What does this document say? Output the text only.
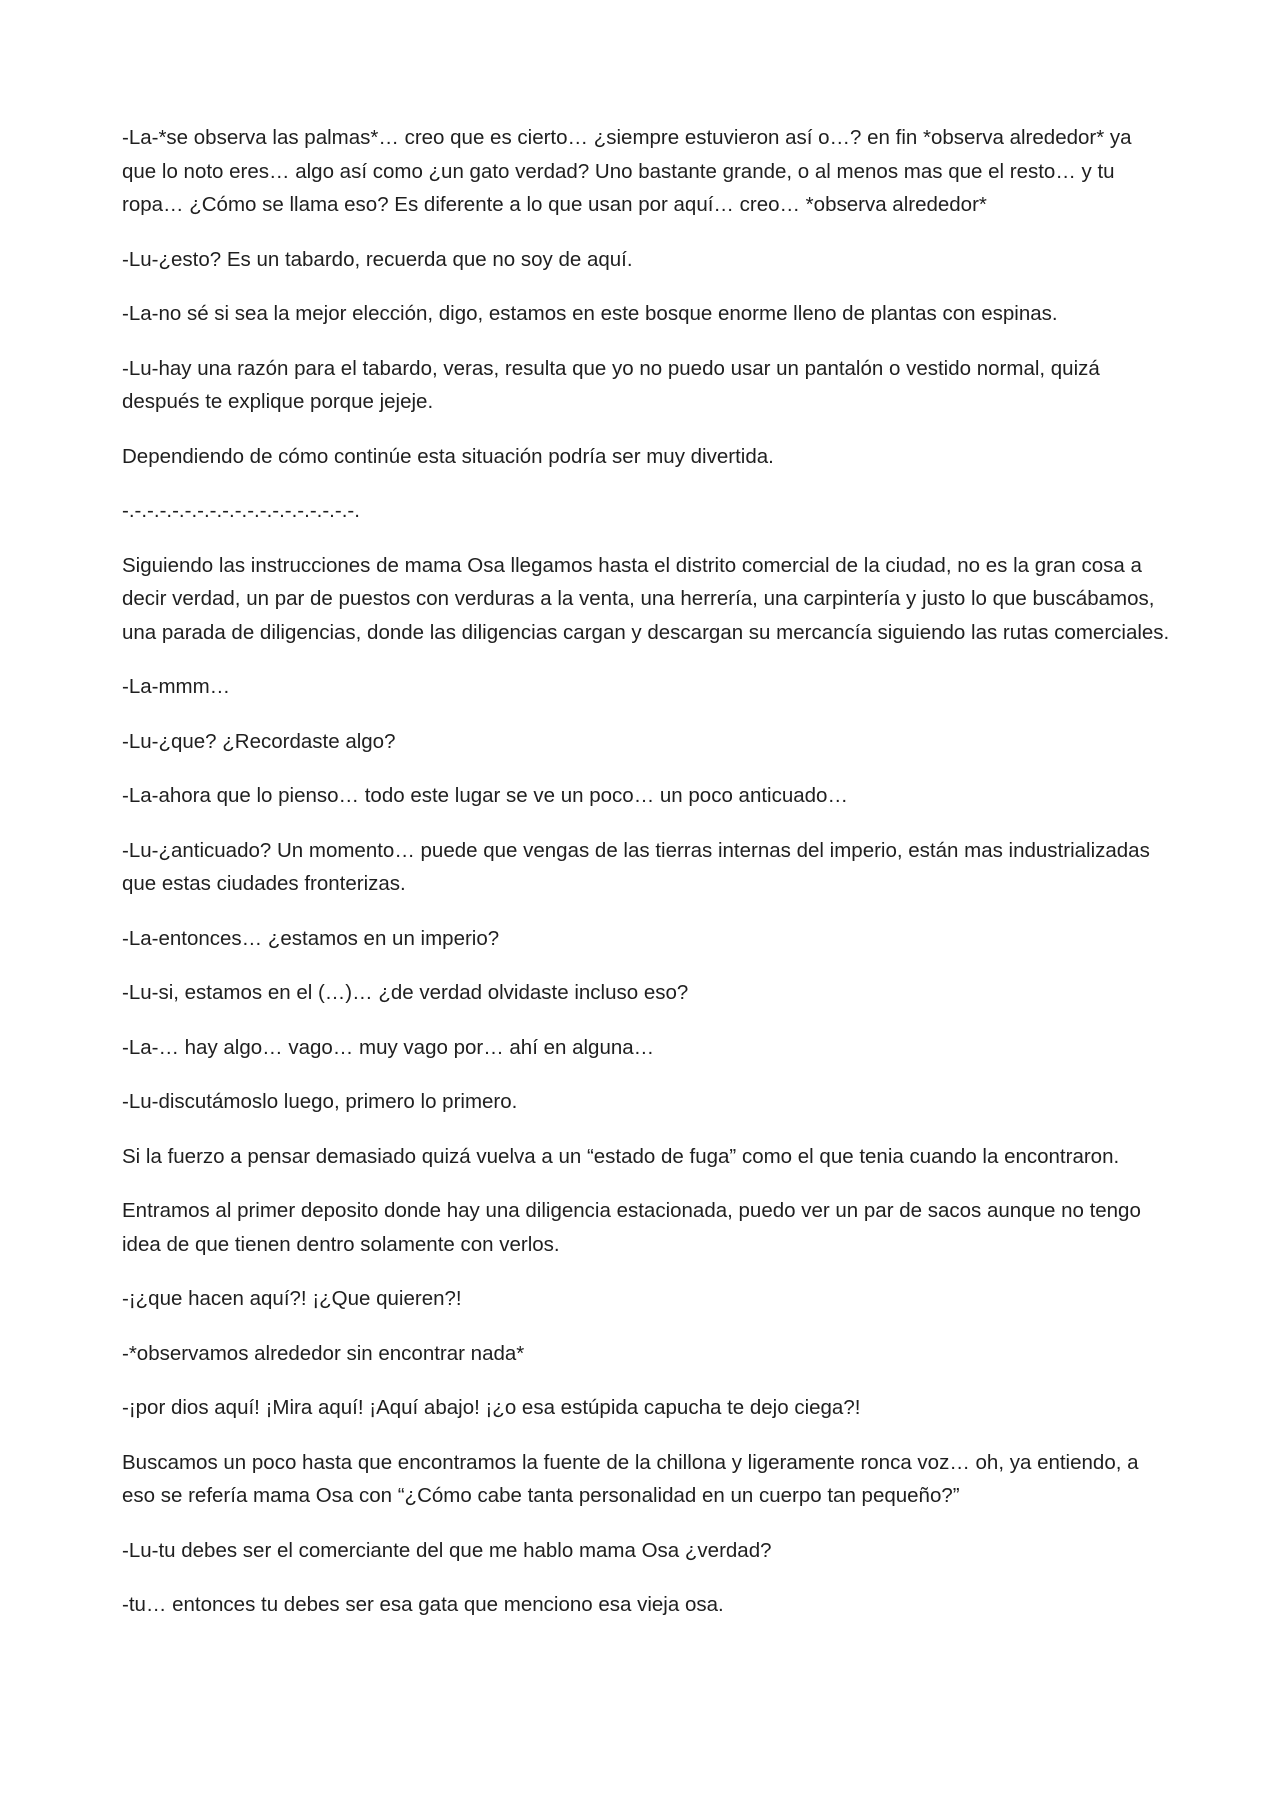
-La-*se observa las palmas*… creo que es cierto… ¿siempre estuvieron así o…? en fin *observa alrededor* ya que lo noto eres… algo así como ¿un gato verdad? Uno bastante grande, o al menos mas que el resto… y tu ropa… ¿Cómo se llama eso? Es diferente a lo que usan por aquí… creo… *observa alrededor*

-Lu-¿esto? Es un tabardo, recuerda que no soy de aquí.

-La-no sé si sea la mejor elección, digo, estamos en este bosque enorme lleno de plantas con espinas.

-Lu-hay una razón para el tabardo, veras, resulta que yo no puedo usar un pantalón o vestido normal, quizá después te explique porque jejeje.

Dependiendo de cómo continúe esta situación podría ser muy divertida.

-.-.-.-.-.-.-.-.-.-.-.-.-.-.-.-.-.-.-.

Siguiendo las instrucciones de mama Osa llegamos hasta el distrito comercial de la ciudad, no es la gran cosa a decir verdad, un par de puestos con verduras a la venta, una herrería, una carpintería y justo lo que buscábamos, una parada de diligencias, donde las diligencias cargan y descargan su mercancía siguiendo las rutas comerciales.

-La-mmm…

-Lu-¿que? ¿Recordaste algo?

-La-ahora que lo pienso… todo este lugar se ve un poco… un poco anticuado…

-Lu-¿anticuado? Un momento… puede que vengas de las tierras internas del imperio, están mas industrializadas que estas ciudades fronterizas.

-La-entonces… ¿estamos en un imperio?

-Lu-si, estamos en el (…)… ¿de verdad olvidaste incluso eso?

-La-… hay algo… vago… muy vago por… ahí en alguna…

-Lu-discutámoslo luego, primero lo primero.

Si la fuerzo a pensar demasiado quizá vuelva a un “estado de fuga” como el que tenia cuando la encontraron.

Entramos al primer deposito donde hay una diligencia estacionada, puedo ver un par de sacos aunque no tengo idea de que tienen dentro solamente con verlos.

-¡¿que hacen aquí?! ¡¿Que quieren?!

-*observamos alrededor sin encontrar nada*

-¡por dios aquí! ¡Mira aquí! ¡Aquí abajo! ¡¿o esa estúpida capucha te dejo ciega?!

Buscamos un poco hasta que encontramos la fuente de la chillona y ligeramente ronca voz… oh, ya entiendo, a eso se refería mama Osa con “¿Cómo cabe tanta personalidad en un cuerpo tan pequeño?”

-Lu-tu debes ser el comerciante del que me hablo mama Osa ¿verdad?

-tu… entonces tu debes ser esa gata que menciono esa vieja osa.
